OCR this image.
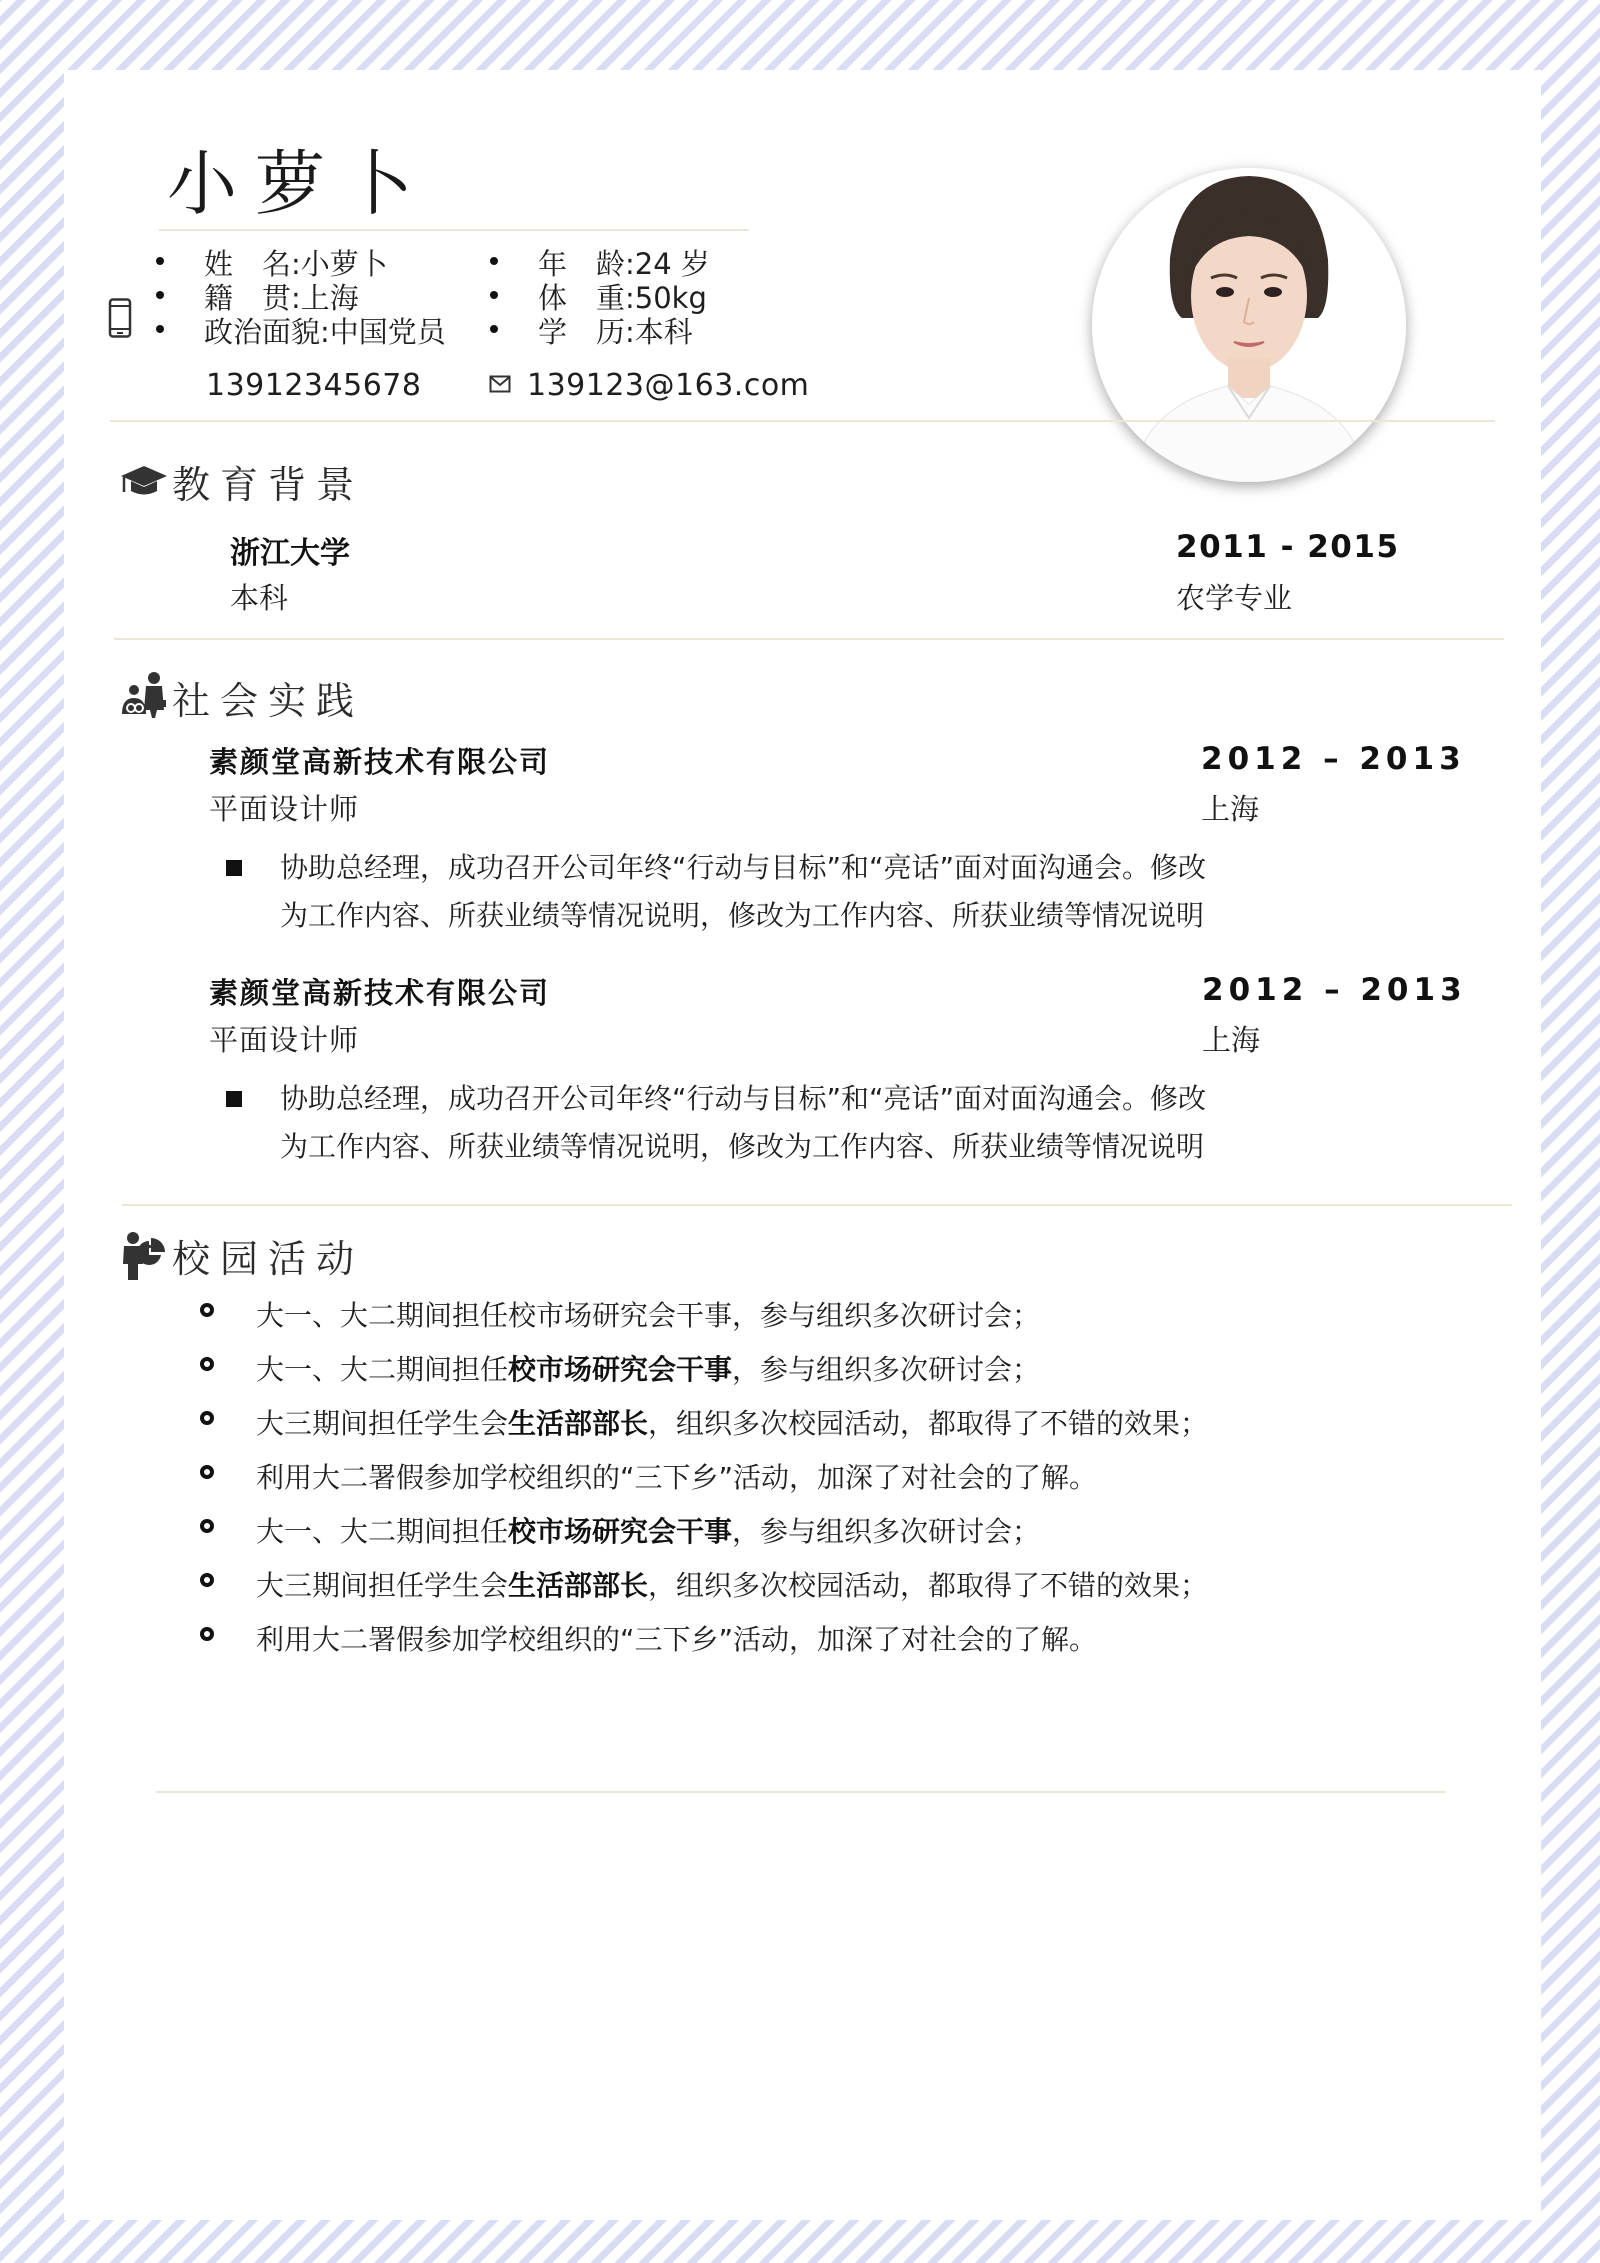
小萝卜
姓　名:小萝卜
籍　贯:上海
政治面貌:中国党员
年　龄:24 岁
体　重:50kg
学　历:本科
13912345678	139123@163.com
教育背景
浙江大学
本科
2011 - 2015
农学专业
社会实践
素颜堂高新技术有限公司
平面设计师
2012 – 2013
上海
协助总经理，成功召开公司年终“行动与目标”和“亮话”面对面沟通会。修改
为工作内容、所获业绩等情况说明，修改为工作内容、所获业绩等情况说明
素颜堂高新技术有限公司
平面设计师
2012 – 2013
上海
协助总经理，成功召开公司年终“行动与目标”和“亮话”面对面沟通会。修改
为工作内容、所获业绩等情况说明，修改为工作内容、所获业绩等情况说明
校园活动
大一、大二期间担任校市场研究会干事，参与组织多次研讨会；
大一、大二期间担任校市场研究会干事，参与组织多次研讨会；
大三期间担任学生会生活部部长，组织多次校园活动，都取得了不错的效果；
利用大二署假参加学校组织的“三下乡”活动，加深了对社会的了解。
大一、大二期间担任校市场研究会干事，参与组织多次研讨会；
大三期间担任学生会生活部部长，组织多次校园活动，都取得了不错的效果；
利用大二署假参加学校组织的“三下乡”活动，加深了对社会的了解。
